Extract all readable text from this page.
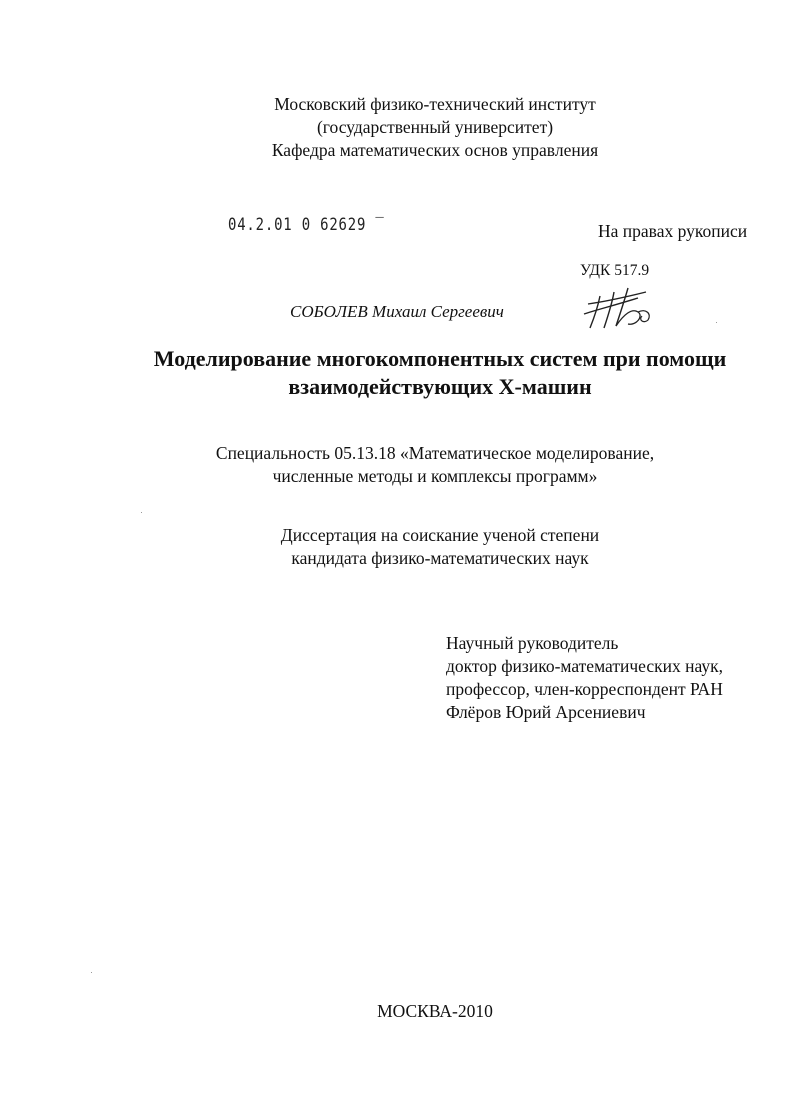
Московский физико-технический институт
(государственный университет)
Кафедра математических основ управления
04.2.01 0 62629 ‾	На правах рукописи
УДК 517.9
СОБОЛЕВ Михаил Сергеевич
Моделирование многокомпонентных систем при помощи
взаимодействующих Х-машин
Специальность 05.13.18 «Математическое моделирование,
численные методы и комплексы программ»
Диссертация на соискание ученой степени
кандидата физико-математических наук
Научный руководитель
доктор физико-математических наук,
профессор, член-корреспондент РАН
Флёров Юрий Арсениевич
МОСКВА-2010
